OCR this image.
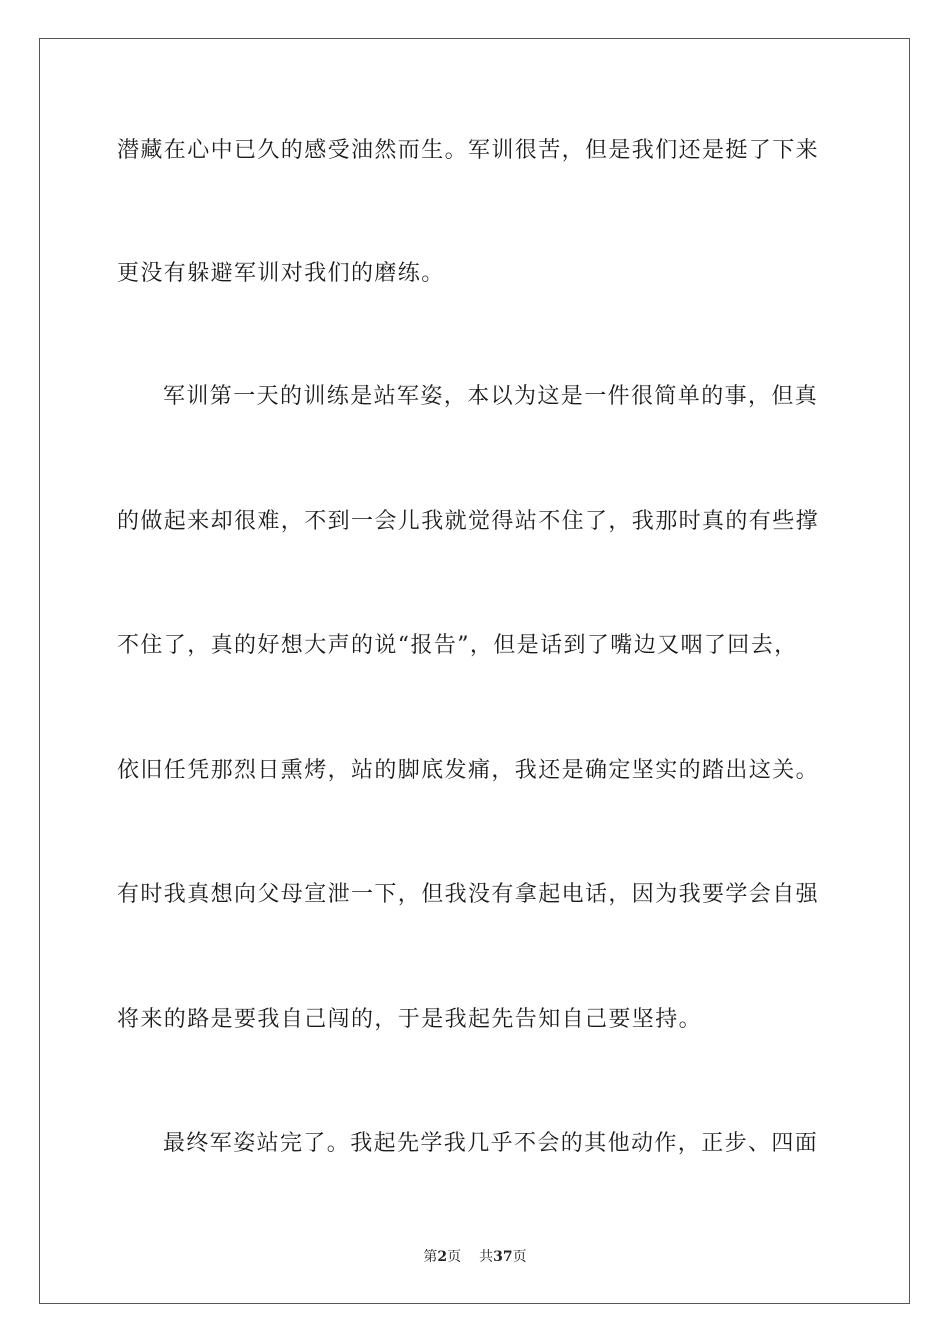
潜藏在心中已久的感受油然而生。军训很苦，但是我们还是挺了下来
更没有躲避军训对我们的磨练。
军训第一天的训练是站军姿，本以为这是一件很简单的事，但真
的做起来却很难，不到一会儿我就觉得站不住了，我那时真的有些撑
不住了，真的好想大声的说“报告”，但是话到了嘴边又咽了回去，
依旧任凭那烈日熏烤，站的脚底发痛，我还是确定坚实的踏出这关。
有时我真想向父母宣泄一下，但我没有拿起电话，因为我要学会自强
将来的路是要我自己闯的，于是我起先告知自己要坚持。
最终军姿站完了。我起先学我几乎不会的其他动作，正步、四面
第2页 共37页
